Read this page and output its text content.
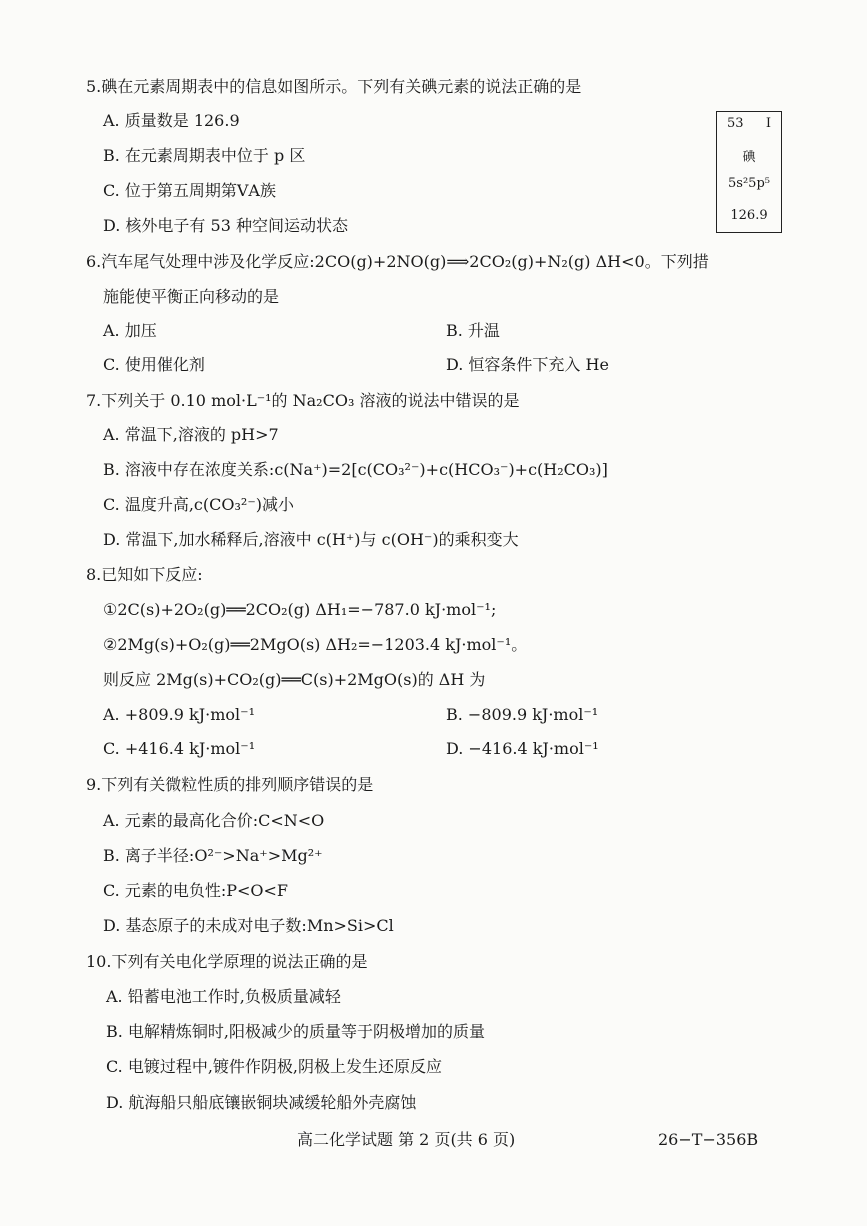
5.碘在元素周期表中的信息如图所示。下列有关碘元素的说法正确的是
A. 质量数是 126.9
B. 在元素周期表中位于 p 区
C. 位于第五周期第ⅤA族
D. 核外电子有 53 种空间运动状态
53 I
碘
5s²5p⁵
126.9
6.汽车尾气处理中涉及化学反应:2CO(g)+2NO(g)⟹2CO₂(g)+N₂(g) ΔH<0。下列措
施能使平衡正向移动的是
A. 加压	B. 升温
C. 使用催化剂	D. 恒容条件下充入 He
7.下列关于 0.10 mol·L⁻¹的 Na₂CO₃ 溶液的说法中错误的是
A. 常温下,溶液的 pH>7
B. 溶液中存在浓度关系:c(Na⁺)=2[c(CO₃²⁻)+c(HCO₃⁻)+c(H₂CO₃)]
C. 温度升高,c(CO₃²⁻)减小
D. 常温下,加水稀释后,溶液中 c(H⁺)与 c(OH⁻)的乘积变大
8.已知如下反应:
①2C(s)+2O₂(g)══2CO₂(g) ΔH₁=−787.0 kJ·mol⁻¹;
②2Mg(s)+O₂(g)══2MgO(s) ΔH₂=−1203.4 kJ·mol⁻¹。
则反应 2Mg(s)+CO₂(g)══C(s)+2MgO(s)的 ΔH 为
A. +809.9 kJ·mol⁻¹	B. −809.9 kJ·mol⁻¹
C. +416.4 kJ·mol⁻¹	D. −416.4 kJ·mol⁻¹
9.下列有关微粒性质的排列顺序错误的是
A. 元素的最高化合价:C<N<O
B. 离子半径:O²⁻>Na⁺>Mg²⁺
C. 元素的电负性:P<O<F
D. 基态原子的未成对电子数:Mn>Si>Cl
10.下列有关电化学原理的说法正确的是
A. 铅蓄电池工作时,负极质量减轻
B. 电解精炼铜时,阳极减少的质量等于阴极增加的质量
C. 电镀过程中,镀件作阴极,阴极上发生还原反应
D. 航海船只船底镶嵌铜块减缓轮船外壳腐蚀
高二化学试题 第 2 页(共 6 页)	26−T−356B
